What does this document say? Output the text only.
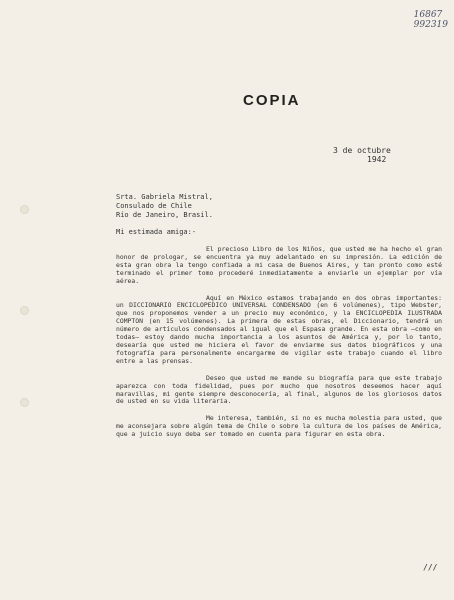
16867
992319
COPIA
3 de octubre
1942
Srta. Gabriela Mistral,
Consulado de Chile
Río de Janeiro, Brasil.
Mi estimada amiga:-

El precioso Libro de los Niños, que usted me ha hecho el gran honor de prologar, se encuentra ya muy adelantado en su impresión. La edición de esta gran obra la tengo confiada a mi casa de Buenos Aires, y tan pronto como esté terminado el primer tomo procederé inmediatamente a enviarle un ejemplar por vía aérea.

Aquí en México estamos trabajando en dos obras importantes: un DICCIONARIO ENCICLOPEDICO UNIVERSAL CONDENSADO (en 6 volúmenes), tipo Webster, que nos proponemos vender a un precio muy económico, y la ENCICLOPEDIA ILUSTRADA COMPTON (en 15 volúmenes). La primera de estas obras, el Diccionario, tendrá un número de artículos condensados al igual que el Espasa grande. En esta obra —como en todas— estoy dando mucha importancia a los asuntos de América y, por lo tanto, desearía que usted me hiciera el favor de enviarme sus datos biográficos y una fotografía para personalmente encargarme de vigilar este trabajo cuando el libro entre a las prensas.

Deseo que usted me mande su biografía para que este trabajo aparezca con toda fidelidad, pues por mucho que nosotros deseemos hacer aquí maravillas, mi gente siempre desconocería, al final, algunos de los gloriosos datos de usted en su vida literaria.

Me interesa, también, si no es mucha molestia para usted, que me aconsejara sobre algún tema de Chile o sobre la cultura de los países de América, que a juicio suyo deba ser tomado en cuenta para figurar en esta obra.

///
